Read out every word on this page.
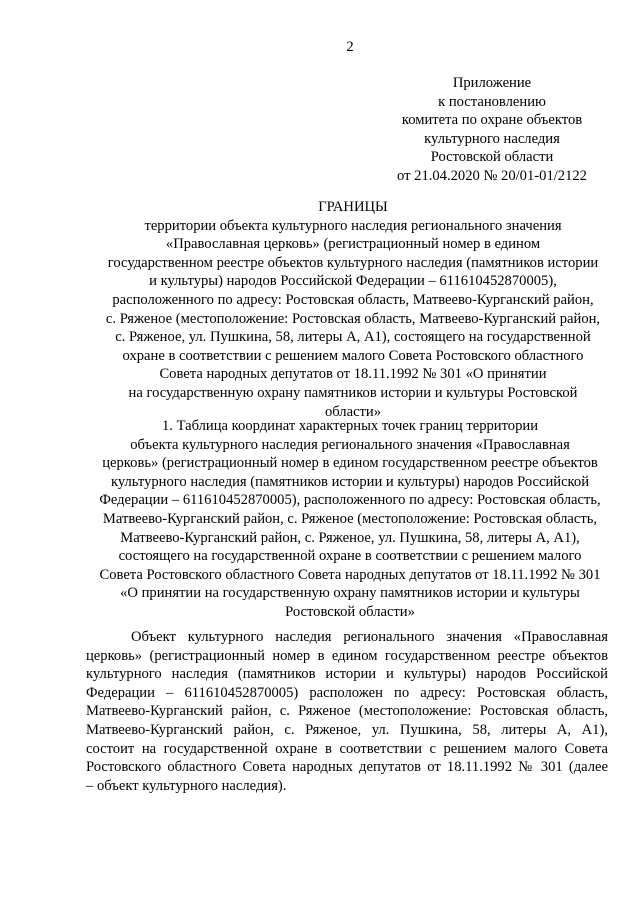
2
Приложение
к постановлению
комитета по охране объектов
культурного наследия
Ростовской области
от 21.04.2020 № 20/01-01/2122
ГРАНИЦЫ
территории объекта культурного наследия регионального значения
«Православная церковь» (регистрационный номер в едином
государственном реестре объектов культурного наследия (памятников истории
и культуры) народов Российской Федерации – 611610452870005),
расположенного по адресу: Ростовская область, Матвеево-Курганский район,
с. Ряженое (местоположение: Ростовская область, Матвеево-Курганский район,
с. Ряженое, ул. Пушкина, 58, литеры А, А1), состоящего на государственной
охране в соответствии с решением малого Совета Ростовского областного
Совета народных депутатов от 18.11.1992 № 301 «О принятии
на государственную охрану памятников истории и культуры Ростовской
области»
1. Таблица координат характерных точек границ территории
объекта культурного наследия регионального значения «Православная
церковь» (регистрационный номер в едином государственном реестре объектов
культурного наследия (памятников истории и культуры) народов Российской
Федерации – 611610452870005), расположенного по адресу: Ростовская область,
Матвеево-Курганский район, с. Ряженое (местоположение: Ростовская область,
Матвеево-Курганский район, с. Ряженое, ул. Пушкина, 58, литеры А, А1),
состоящего на государственной охране в соответствии с решением малого
Совета Ростовского областного Совета народных депутатов от 18.11.1992 № 301
«О принятии на государственную охрану памятников истории и культуры
Ростовской области»
Объект культурного наследия регионального значения «Православная
церковь» (регистрационный номер в едином государственном реестре объектов
культурного наследия (памятников истории и культуры) народов Российской
Федерации – 611610452870005) расположен по адресу: Ростовская область,
Матвеево-Курганский район, с. Ряженое (местоположение: Ростовская область,
Матвеево-Курганский район, с. Ряженое, ул. Пушкина, 58, литеры А, А1),
состоит на государственной охране в соответствии с решением малого Совета
Ростовского областного Совета народных депутатов от 18.11.1992 № 301 (далее
– объект культурного наследия).
